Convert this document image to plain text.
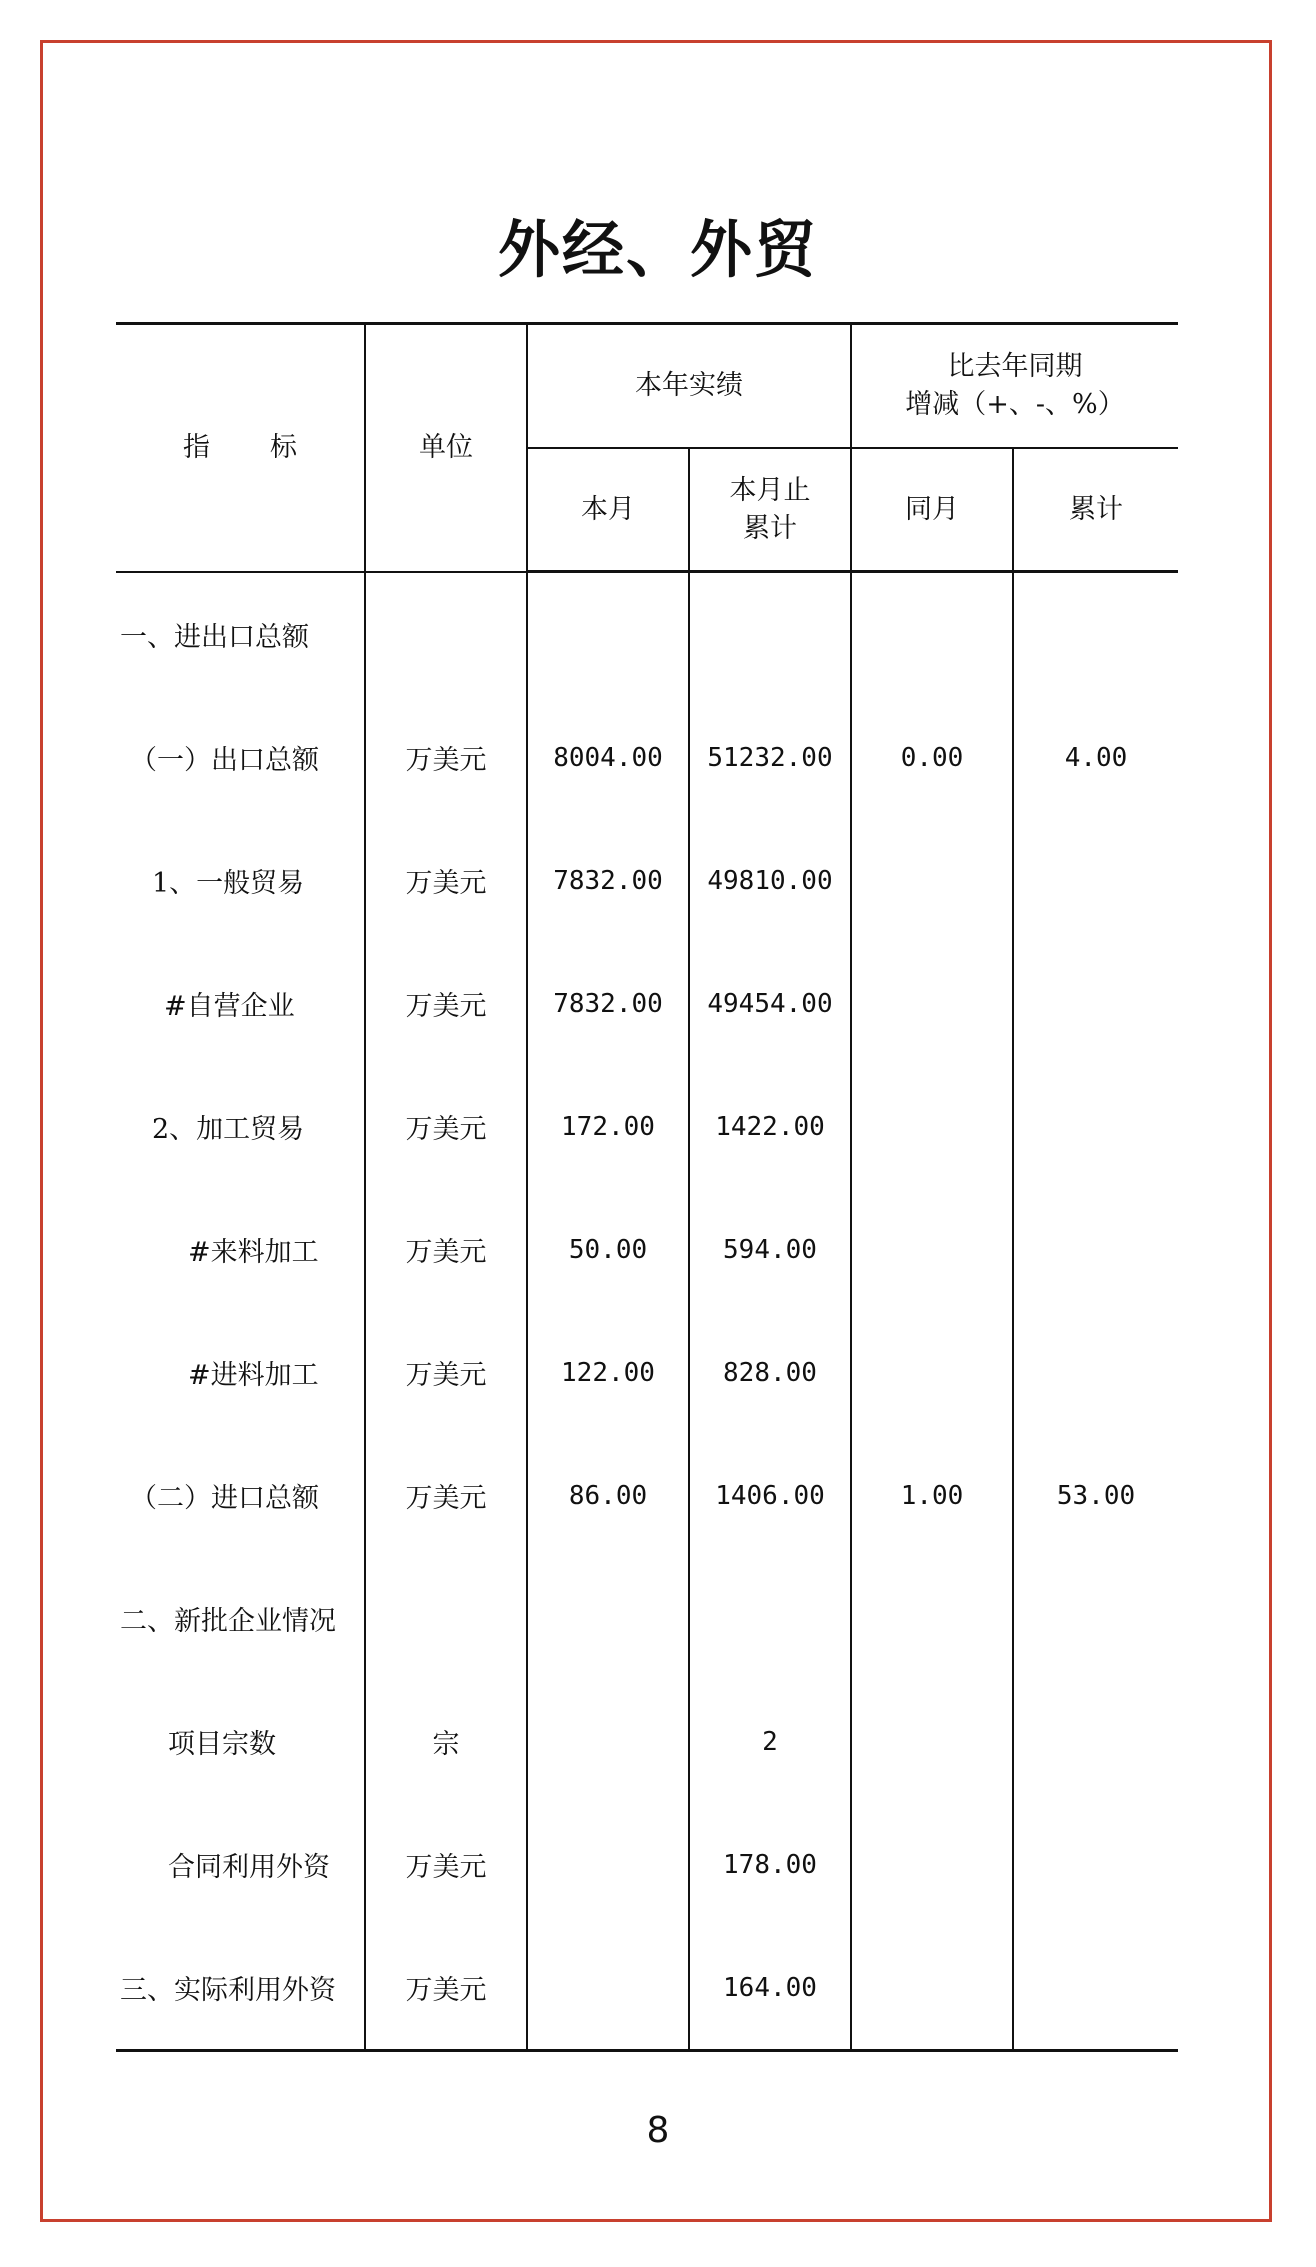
外经、外贸
指标	单位	本年实绩		比去年同期
增减（+、-、%）	

		本月	本月止
累计	同月	累计
一、进出口总额					
（一）出口总额	万美元	8004.00	51232.00	0.00	4.00
1、一般贸易	万美元	7832.00	49810.00		
#自营企业	万美元	7832.00	49454.00		
2、加工贸易	万美元	172.00	1422.00		
#来料加工	万美元	50.00	594.00		
#进料加工	万美元	122.00	828.00		
（二）进口总额	万美元	86.00	1406.00	1.00	53.00
二、新批企业情况					
项目宗数	宗		2		
合同利用外资	万美元		178.00		
三、实际利用外资	万美元		164.00		
8
